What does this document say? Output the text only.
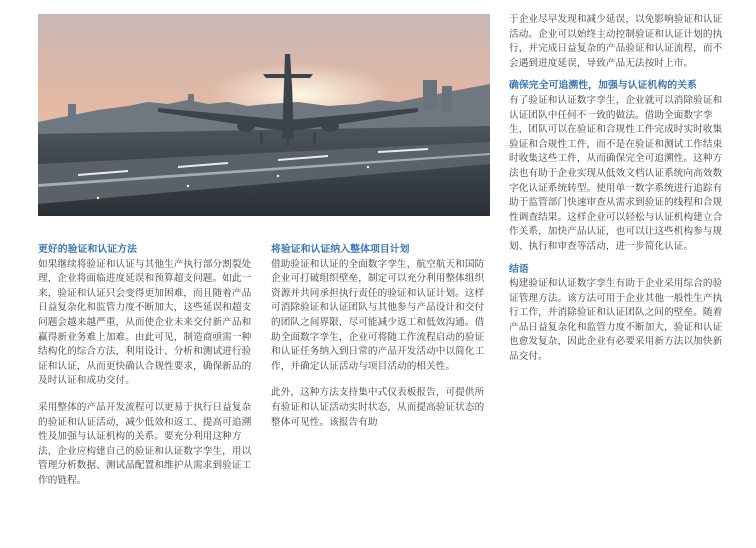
更好的验证和认证方法

如果继续将验证和认证与其他生产执行部分割裂处理，企业将面临进度延误和预算超支问题。如此一来，验证和认证只会变得更加困难，而且随着产品日益复杂化和监管力度不断加大，这些延误和超支问题会越来越严重，从而使企业未来交付新产品和赢得新业务难上加难。由此可见，制造商亟需一种结构化的综合方法，利用设计、分析和测试进行验证和认证，从而更快确认合规性要求，确保新品的及时认证和成功交付。

采用整体的产品开发流程可以更易于执行日益复杂的验证和认证活动，减少低效和返工、提高可追溯性及加强与认证机构的关系。要充分利用这种方法，企业应构建自己的验证和认证数字孪生，用以管理分析数据、测试品配置和维护从需求到验证工作的链程。

将验证和认证纳入整体项目计划

借助验证和认证的全面数字孪生，航空航天和国防企业可打破组织壁垒，制定可以充分利用整体组织资源并共同承担执行责任的验证和认证计划。这样可消除验证和认证团队与其他参与产品设计和交付的团队之间界限，尽可能减少返工和低效沟通。借助全面数字孪生，企业可将随工作流程启动的验证和认证任务纳入到日常的产品开发活动中以简化工作，并确定认证活动与项目活动的相关性。

此外，这种方法支持集中式仪表板报告，可提供所有验证和认证活动实时状态，从而提高验证状态的整体可见性。该报告有助

于企业尽早发现和减少延误，以免影响验证和认证活动。企业可以始终主动控制验证和认证计划的执行，并完成日益复杂的产品验证和认证流程，而不会遇到进度延误，导致产品无法按时上市。

确保完全可追溯性，加强与认证机构的关系

有了验证和认证数字孪生，企业就可以消除验证和认证团队中任何不一致的做法。借助全面数字孪生，团队可以在验证和合规性工件完成时实时收集验证和合规性工件，而不是在验证和测试工作结束时收集这些工件，从而确保完全可追溯性。这种方法也有助于企业实现从低效文档认证系统向高效数字化认证系统转型。使用单一数字系统进行追踪有助于监管部门快速审查从需求到验证的线程和合规性调查结果。这样企业可以轻松与认证机构建立合作关系，加快产品认证，也可以让这些机构参与规划、执行和审查等活动，进一步简化认证。

结语

构建验证和认证数字孪生有助于企业采用综合的验证管理方法。该方法可用于企业其他一般性生产执行工作，并消除验证和认证团队之间的壁垒。随着产品日益复杂化和监管力度不断加大，验证和认证也愈发复杂，因此企业有必要采用新方法以加快新品交付。
